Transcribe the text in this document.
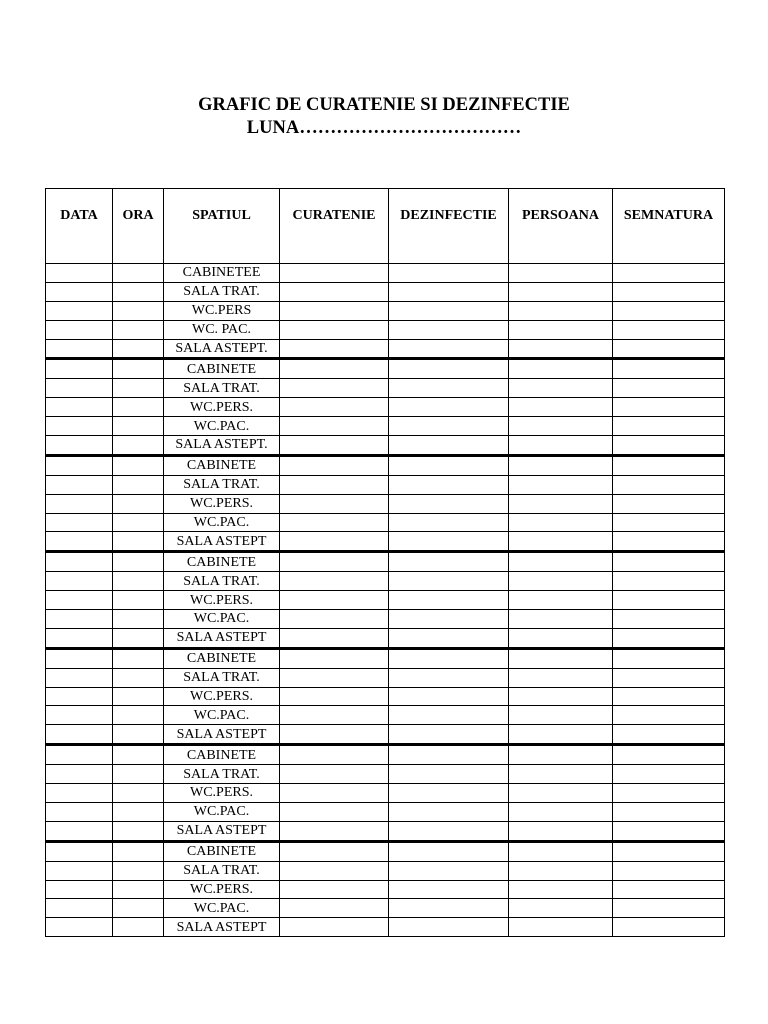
GRAFIC DE CURATENIE SI DEZINFECTIE
LUNA………………………………
DATA	ORA	SPATIUL	CURATENIE	DEZINFECTIE	PERSOANA	SEMNATURA
		CABINETEE				
		SALA TRAT.				
		WC.PERS				
		WC. PAC.				
		SALA ASTEPT.				
		CABINETE				
		SALA TRAT.				
		WC.PERS.				
		WC.PAC.				
		SALA ASTEPT.				
		CABINETE				
		SALA TRAT.				
		WC.PERS.				
		WC.PAC.				
		SALA ASTEPT				
		CABINETE				
		SALA TRAT.				
		WC.PERS.				
		WC.PAC.				
		SALA ASTEPT				
		CABINETE				
		SALA TRAT.				
		WC.PERS.				
		WC.PAC.				
		SALA ASTEPT				
		CABINETE				
		SALA TRAT.				
		WC.PERS.				
		WC.PAC.				
		SALA ASTEPT				
		CABINETE				
		SALA TRAT.				
		WC.PERS.				
		WC.PAC.				
		SALA ASTEPT				
